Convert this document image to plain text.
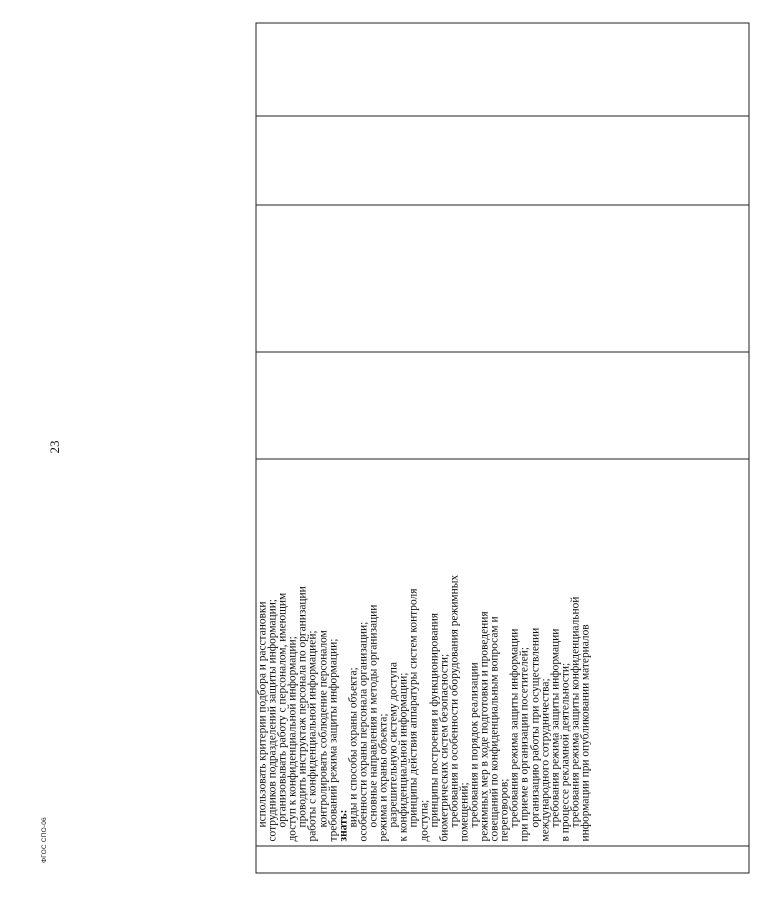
23
ФГОС СПО-06

использовать критерии подбора и расстановки
сотрудников подразделений защиты информации;
организовывать работу с персоналом, имеющим
доступ к конфиденциальной информации;
проводить инструктаж персонала по организации
работы с конфиденциальной информацией;
контролировать соблюдение персоналом
требований режима защиты информации;
знать:
виды и способы охраны объекта;
особенности охраны персонала организации;
основные направления и методы организации
режима и охраны объекта;
разрешительную систему доступа
к конфиденциальной информации;
принципы действия аппаратуры систем контроля
доступа;
принципы построения и функционирования
биометрических систем безопасности;
требования и особенности оборудования режимных
помещений;
требования и порядок реализации
режимных мер в ходе подготовки и проведения
совещаний по конфиденциальным вопросам и
переговоров;
требования режима защиты информации
при приеме в организации посетителей;
организацию работы при осуществлении
международного сотрудничества;
требования режима защиты информации
в процессе рекламной деятельности;
требования режима защиты конфиденциальной
информации при опубликовании материалов
